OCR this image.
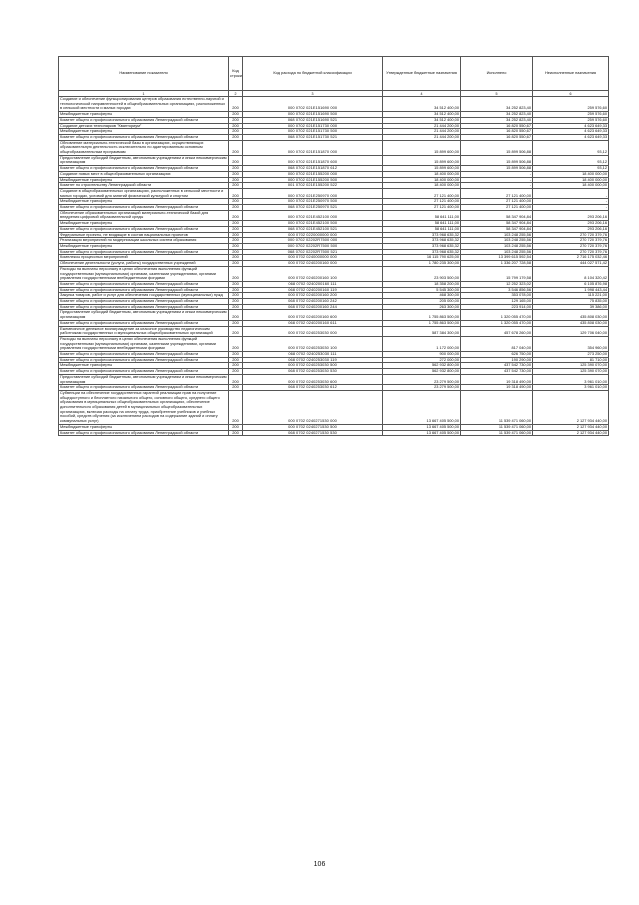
Наименование показателя	Код строки	Код расхода по бюджетной классификации	Утвержденные бюджетные назначения	Исполнено	Неисполненные назначения
1	2	3	4	5	6
Создание и обеспечение функционирования центров образования естественно-научной и технологической направленностей в общеобразовательных организациях, расположенных в сельской местности и малых городах	200	000 0702 021E151690 000	34 512 400,00	34 252 823,40	259 576,60
Межбюджетные трансферты	200	000 0702 021E151690 500	34 512 400,00	34 252 823,40	259 576,60
Комитет общего и профессионального образования Ленинградской области	200	068 0702 021E151690 521	34 512 400,00	34 252 823,40	259 576,60
Создание детских технопарков "Кванториум"	200	000 0702 021E151730 000	21 444 200,00	16 820 550,67	4 623 649,33
Межбюджетные трансферты	200	000 0702 021E151730 500	21 444 200,00	16 820 550,67	4 623 649,33
Комитет общего и профессионального образования Ленинградской области	200	068 0702 021E151730 521	21 444 200,00	16 820 550,67	4 623 649,33
Обновление материально-технической базы в организациях, осуществляющих образовательную деятельность исключительно по адаптированным основным общеобразовательным программам	200	000 0702 021E151870 000	15 899 600,00	15 899 506,88	93,12
Предоставление субсидий бюджетным, автономным учреждениям и иным некоммерческим организациям	200	000 0702 021E151870 600	15 899 600,00	15 899 506,88	93,12
Комитет общего и профессионального образования Ленинградской области	200	068 0702 021E151870 612	15 899 600,00	15 899 506,88	93,12
Создание новых мест в общеобразовательных организациях	200	000 0702 021E155200 000	18 400 000,00	-	18 400 000,00
Межбюджетные трансферты	200	000 0702 021E155200 500	18 400 000,00	-	18 400 000,00
Комитет по строительству Ленинградской области	200	001 0702 021E155200 522	18 400 000,00	-	18 400 000,00
Создание в общеобразовательных организациях, расположенных в сельской местности и малых городах, условий для занятий физической культурой и спортом	200	000 0702 021E250970 000	27 121 400,00	27 121 400,00	-
Межбюджетные трансферты	200	000 0702 021E250970 500	27 121 400,00	27 121 400,00	-
Комитет общего и профессионального образования Ленинградской области	200	068 0702 021E250970 521	27 121 400,00	27 121 400,00	-
Обеспечение образовательных организаций материально-технической базой для внедрения цифровой образовательной среды	200	000 0702 021E452100 000	58 641 111,00	58 347 904,84	293 206,16
Межбюджетные трансферты	200	000 0702 021E452100 500	58 641 111,00	58 347 904,84	293 206,16
Комитет общего и профессионального образования Ленинградской области	200	068 0702 021E452100 521	58 641 111,00	58 347 904,84	293 206,16
Федеральные проекты, не входящие в состав национальных проектов	200	000 0702 0220000000 000	373 968 635,32	103 248 255,56	270 720 379,76
Реализация мероприятий по модернизации школьных систем образования	200	000 0702 02202R7500 000	373 968 635,32	103 248 255,56	270 720 379,76
Межбюджетные трансферты	200	000 0702 02202R7500 500	373 968 635,32	103 248 255,56	270 720 379,76
Комитет общего и профессионального образования Ленинградской области	200	068 0702 02202R7500 521	373 968 635,32	103 248 255,56	270 720 379,76
Комплексы процессных мероприятий	200	000 0702 0240000000 000	16 115 790 625,00	13 399 615 592,54	2 716 175 032,46
Обеспечение деятельности (услуги, работы) государственных учреждений	200	000 0702 0240200160 000	1 780 235 300,00	1 336 207 728,58	444 027 571,42
Расходы на выплаты персоналу в целях обеспечения выполнения функций государственными (муниципальными) органами, казенными учреждениями, органами управления государственными внебюджетными фондами	200	000 0702 0240200160 100	23 903 500,00	15 799 179,58	8 104 320,42
Комитет общего и профессионального образования Ленинградской области	200	068 0702 0240200160 111	18 358 200,00	12 252 323,02	6 105 876,98
Комитет общего и профессионального образования Ленинградской области	200	068 0702 0240200160 119	5 545 300,00	3 546 856,56	1 998 443,44
Закупка товаров, работ и услуг для обеспечения государственных (муниципальных) нужд	200	000 0702 0240200160 200	468 300,00	353 078,00	115 221,00
Комитет общего и профессионального образования Ленинградской области	200	068 0702 0240200160 242	205 000,00	129 165,00	75 835,00
Комитет общего и профессионального образования Ленинградской области	200	068 0702 0240200160 244	263 300,00	223 914,00	39 386,00
Предоставление субсидий бюджетным, автономным учреждениям и иным некоммерческим организациям	200	000 0702 0240200160 600	1 755 863 500,00	1 320 055 470,00	435 808 030,00
Комитет общего и профессионального образования Ленинградской области	200	068 0702 0240200160 611	1 755 863 500,00	1 320 055 470,00	435 808 030,00
Ежемесячное денежное вознаграждение за классное руководство педагогическим работникам государственных и муниципальных общеобразовательных организаций	200	000 0702 0240253030 000	587 384 300,00	457 678 260,00	129 706 040,00
Расходы на выплаты персоналу в целях обеспечения выполнения функций государственными (муниципальными) органами, казенными учреждениями, органами управления государственными внебюджетными фондами	200	000 0702 0240253030 100	1 172 000,00	817 040,00	354 960,00
Комитет общего и профессионального образования Ленинградской области	200	068 0702 0240253030 111	900 000,00	626 750,00	273 250,00
Комитет общего и профессионального образования Ленинградской области	200	068 0702 0240253030 119	272 000,00	190 290,00	81 710,00
Межбюджетные трансферты	200	000 0702 0240253030 500	562 932 800,00	437 542 730,00	125 390 070,00
Комитет общего и профессионального образования Ленинградской области	200	068 0702 0240253030 530	562 932 800,00	437 542 730,00	125 390 070,00
Предоставление субсидий бюджетным, автономным учреждениям и иным некоммерческим организациям	200	000 0702 0240253030 600	23 279 500,00	19 318 490,00	3 961 010,00
Комитет общего и профессионального образования Ленинградской области	200	068 0702 0240253030 612	23 279 500,00	19 318 490,00	3 961 010,00
Субвенции на обеспечение государственных гарантий реализации прав на получение общедоступного и бесплатного начального общего, основного общего, среднего общего образования в муниципальных общеобразовательных организациях, обеспечение дополнительного образования детей в муниципальных общеобразовательных организациях, включая расходы на оплату труда, приобретение учебников и учебных пособий, средств обучения (за исключением расходов на содержание зданий и оплату коммунальных услуг)	200	000 0702 0240271530 000	13 667 405 500,00	11 539 471 060,00	2 127 934 440,00
Межбюджетные трансферты	200	000 0702 0240271530 500	13 667 405 500,00	11 539 471 060,00	2 127 934 440,00
Комитет общего и профессионального образования Ленинградской области	200	068 0702 0240271530 530	13 667 405 500,00	11 539 471 060,00	2 127 934 440,00
106
